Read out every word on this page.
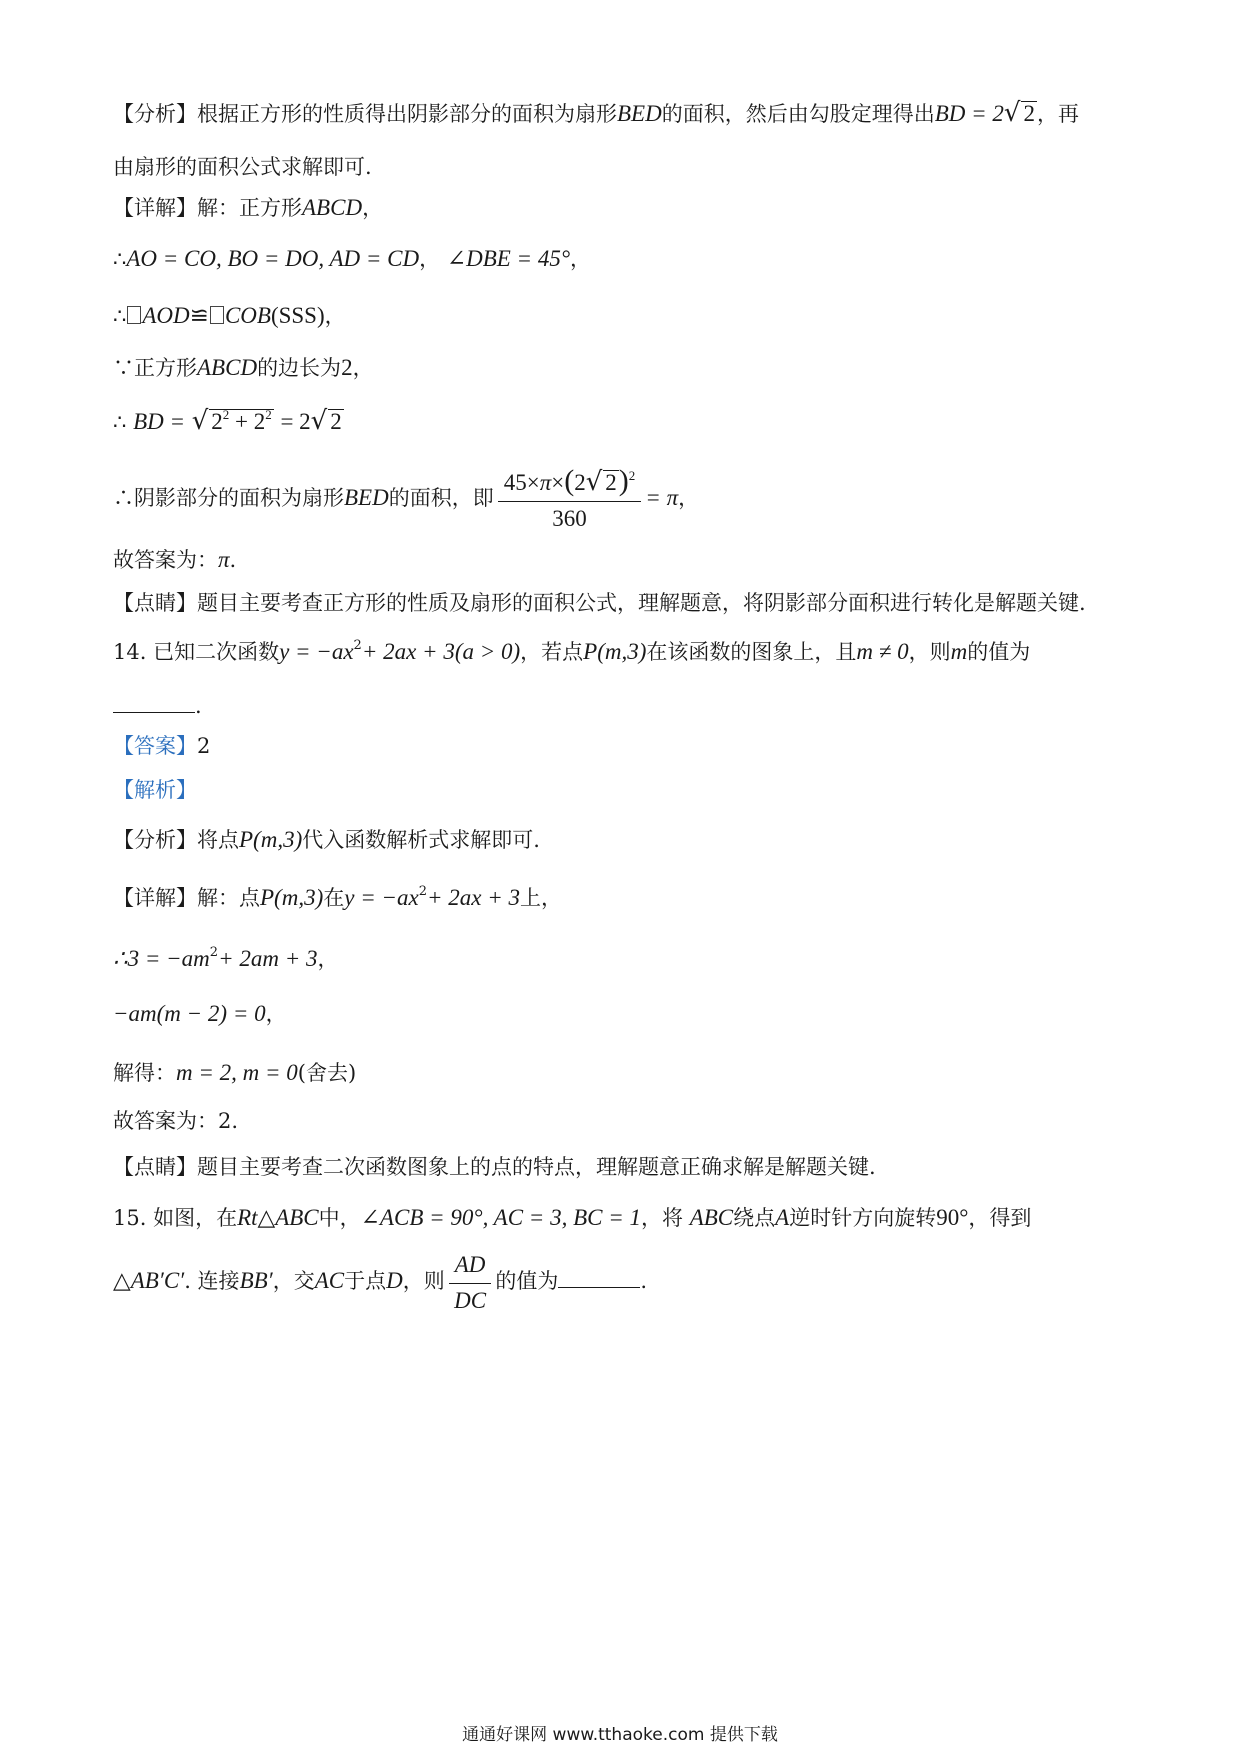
【分析】根据正方形的性质得出阴影部分的面积为扇形BED的面积，然后由勾股定理得出BD = 2√ 2，再
由扇形的面积公式求解即可.
【详解】解：正方形ABCD，
∴AO = CO, BO = DO, AD = CD， ∠DBE = 45°，
∴ AOD≌ COB(SSS)，
∵正方形ABCD的边长为2，
∴ BD = √ $2^2 + 2^2 = 2√$ 2
∴阴影部分的面积为扇形BED的面积，即 $\frac{45\times\pi\times(2√ 2)^2}{360} = \pi$，
故答案为：π.
【点睛】题目主要考查正方形的性质及扇形的面积公式，理解题意，将阴影部分面积进行转化是解题关键.
14. 已知二次函数$y = -ax^2+ 2ax + 3(a > 0)$，若点P(m,3)在该函数的图象上，且m ≠ 0，则m的值为
.
【答案】2
【解析】
【分析】将点P(m,3)代入函数解析式求解即可.
【详解】解：点P(m,3)在$y = -ax^2+ 2ax + 3$上，
∴3 = $-am^2+ 2am + 3$，
−am(m − 2) = 0，
解得：m = 2, m = 0(舍去)
故答案为：2.
【点睛】题目主要考查二次函数图象上的点的特点，理解题意正确求解是解题关键.
15. 如图，在Rt△ABC中，∠ACB = 90°, AC = 3, BC = 1，将 ABC绕点A逆时针方向旋转90°，得到
△AB′C′. 连接BB′，交AC于点D，则 $\frac{AD}{DC}$ 的值为	.
通通好课网 www.tthaoke.com 提供下载
